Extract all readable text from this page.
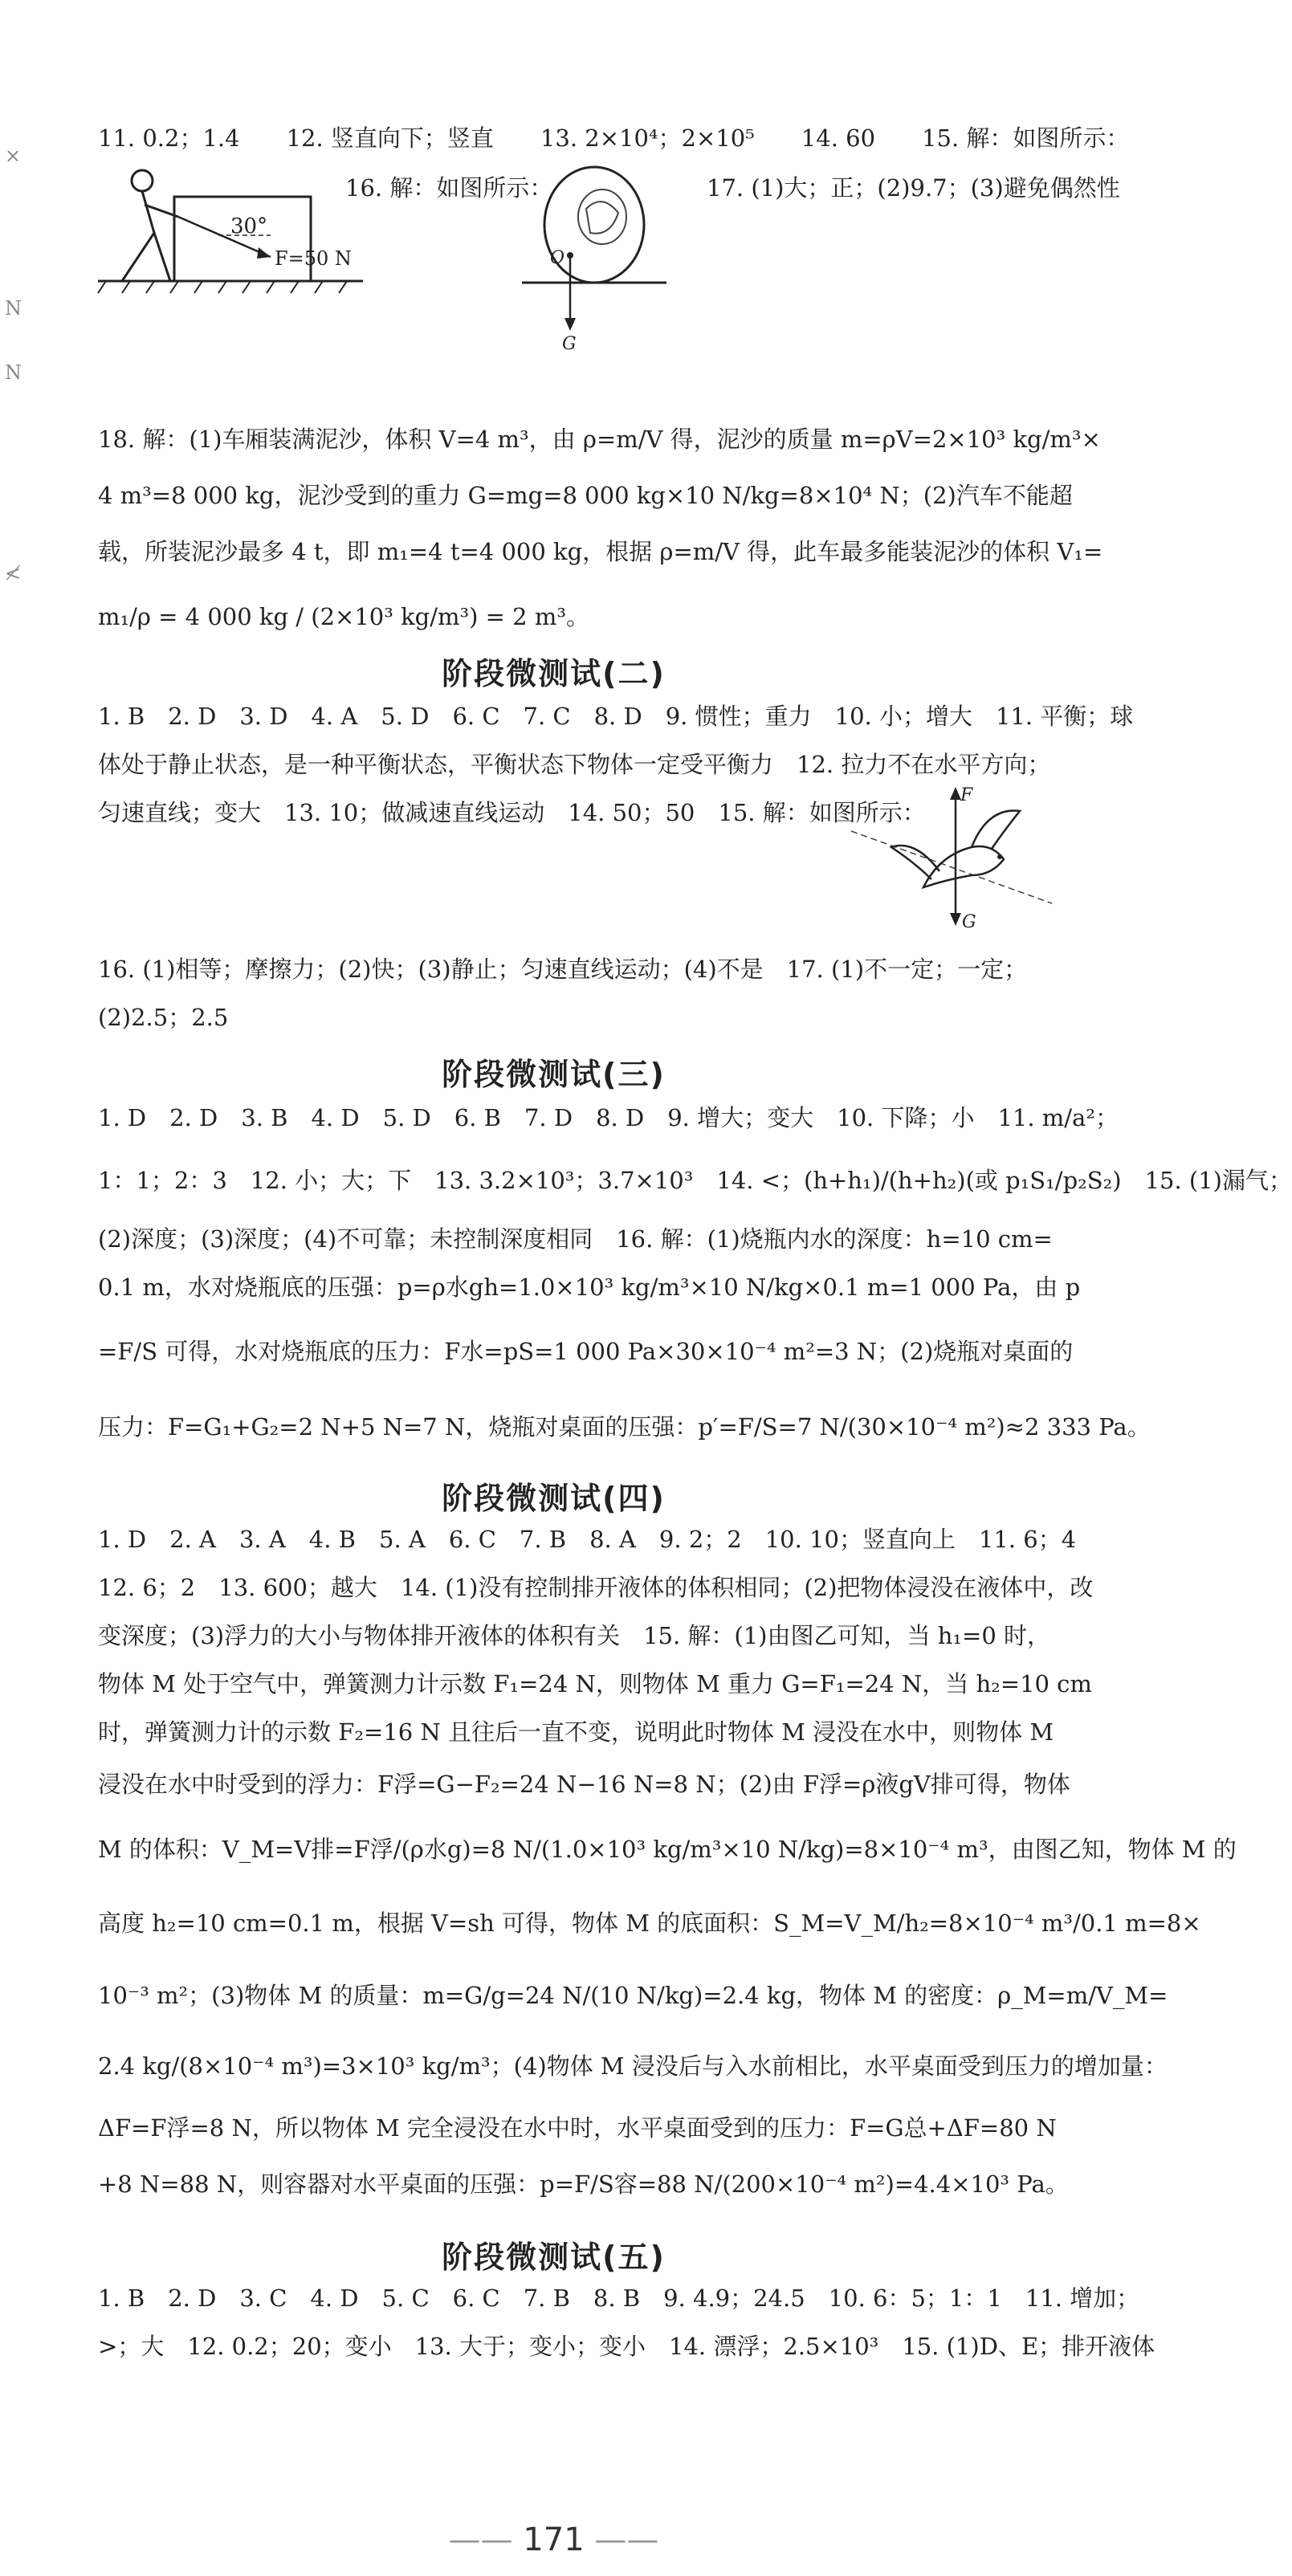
×
N
N
≮
11. 0.2；1.4　　12. 竖直向下；竖直　　13. 2×10⁴；2×10⁵　　14. 60　　15. 解：如图所示：
30°
F=50 N
16. 解：如图所示：	17. (1)大；正；(2)9.7；(3)避免偶然性
O
G
18. 解：(1)车厢装满泥沙，体积 V=4 m³，由 ρ=m/V 得，泥沙的质量 m=ρV=2×10³ kg/m³×
4 m³=8 000 kg，泥沙受到的重力 G=mg=8 000 kg×10 N/kg=8×10⁴ N；(2)汽车不能超
载，所装泥沙最多 4 t，即 m₁=4 t=4 000 kg，根据 ρ=m/V 得，此车最多能装泥沙的体积 V₁=
m₁/ρ = 4 000 kg / (2×10³ kg/m³) = 2 m³。
阶段微测试(二)
1. B　2. D　3. D　4. A　5. D　6. C　7. C　8. D　9. 惯性；重力　10. 小；增大　11. 平衡；球
体处于静止状态，是一种平衡状态，平衡状态下物体一定受平衡力　12. 拉力不在水平方向；
匀速直线；变大　13. 10；做减速直线运动　14. 50；50　15. 解：如图所示：
F
G
16. (1)相等；摩擦力；(2)快；(3)静止；匀速直线运动；(4)不是　17. (1)不一定；一定；
(2)2.5；2.5
阶段微测试(三)
1. D　2. D　3. B　4. D　5. D　6. B　7. D　8. D　9. 增大；变大　10. 下降；小　11. m/a²；
1：1；2：3　12. 小；大；下　13. 3.2×10³；3.7×10³　14. <；(h+h₁)/(h+h₂)(或 p₁S₁/p₂S₂)　15. (1)漏气；
(2)深度；(3)深度；(4)不可靠；未控制深度相同　16. 解：(1)烧瓶内水的深度：h=10 cm=
0.1 m，水对烧瓶底的压强：p=ρ水gh=1.0×10³ kg/m³×10 N/kg×0.1 m=1 000 Pa，由 p
=F/S 可得，水对烧瓶底的压力：F水=pS=1 000 Pa×30×10⁻⁴ m²=3 N；(2)烧瓶对桌面的
压力：F=G₁+G₂=2 N+5 N=7 N，烧瓶对桌面的压强：p′=F/S=7 N/(30×10⁻⁴ m²)≈2 333 Pa。
阶段微测试(四)
1. D　2. A　3. A　4. B　5. A　6. C　7. B　8. A　9. 2；2　10. 10；竖直向上　11. 6；4
12. 6；2　13. 600；越大　14. (1)没有控制排开液体的体积相同；(2)把物体浸没在液体中，改
变深度；(3)浮力的大小与物体排开液体的体积有关　15. 解：(1)由图乙可知，当 h₁=0 时，
物体 M 处于空气中，弹簧测力计示数 F₁=24 N，则物体 M 重力 G=F₁=24 N，当 h₂=10 cm
时，弹簧测力计的示数 F₂=16 N 且往后一直不变，说明此时物体 M 浸没在水中，则物体 M
浸没在水中时受到的浮力：F浮=G−F₂=24 N−16 N=8 N；(2)由 F浮=ρ液gV排可得，物体
M 的体积：V_M=V排=F浮/(ρ水g)=8 N/(1.0×10³ kg/m³×10 N/kg)=8×10⁻⁴ m³，由图乙知，物体 M 的
高度 h₂=10 cm=0.1 m，根据 V=sh 可得，物体 M 的底面积：S_M=V_M/h₂=8×10⁻⁴ m³/0.1 m=8×
10⁻³ m²；(3)物体 M 的质量：m=G/g=24 N/(10 N/kg)=2.4 kg，物体 M 的密度：ρ_M=m/V_M=
2.4 kg/(8×10⁻⁴ m³)=3×10³ kg/m³；(4)物体 M 浸没后与入水前相比，水平桌面受到压力的增加量：
ΔF=F浮=8 N，所以物体 M 完全浸没在水中时，水平桌面受到的压力：F=G总+ΔF=80 N
+8 N=88 N，则容器对水平桌面的压强：p=F/S容=88 N/(200×10⁻⁴ m²)=4.4×10³ Pa。
阶段微测试(五)
1. B　2. D　3. C　4. D　5. C　6. C　7. B　8. B　9. 4.9；24.5　10. 6：5；1：1　11. 增加；
>；大　12. 0.2；20；变小　13. 大于；变小；变小　14. 漂浮；2.5×10³　15. (1)D、E；排开液体
—— 171 ——
